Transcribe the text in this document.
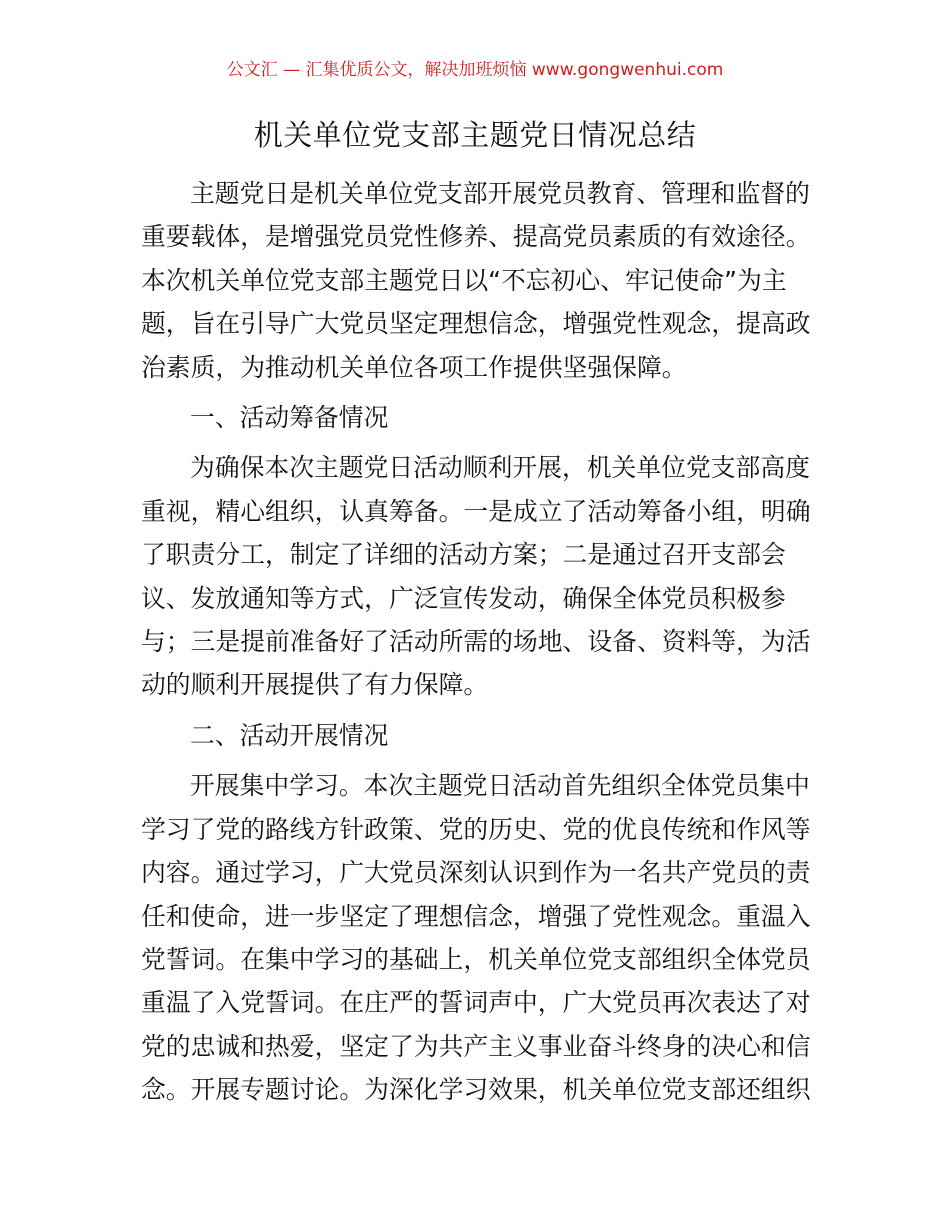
公文汇 — 汇集优质公文，解决加班烦恼 www.gongwenhui.com
机关单位党支部主题党日情况总结
主题党日是机关单位党支部开展党员教育、管理和监督的
重要载体，是增强党员党性修养、提高党员素质的有效途径。
本次机关单位党支部主题党日以“不忘初心、牢记使命”为主
题，旨在引导广大党员坚定理想信念，增强党性观念，提高政
治素质，为推动机关单位各项工作提供坚强保障。
一、活动筹备情况
为确保本次主题党日活动顺利开展，机关单位党支部高度
重视，精心组织，认真筹备。一是成立了活动筹备小组，明确
了职责分工，制定了详细的活动方案；二是通过召开支部会
议、发放通知等方式，广泛宣传发动，确保全体党员积极参
与；三是提前准备好了活动所需的场地、设备、资料等，为活
动的顺利开展提供了有力保障。
二、活动开展情况
开展集中学习。本次主题党日活动首先组织全体党员集中
学习了党的路线方针政策、党的历史、党的优良传统和作风等
内容。通过学习，广大党员深刻认识到作为一名共产党员的责
任和使命，进一步坚定了理想信念，增强了党性观念。重温入
党誓词。在集中学习的基础上，机关单位党支部组织全体党员
重温了入党誓词。在庄严的誓词声中，广大党员再次表达了对
党的忠诚和热爱，坚定了为共产主义事业奋斗终身的决心和信
念。开展专题讨论。为深化学习效果，机关单位党支部还组织
